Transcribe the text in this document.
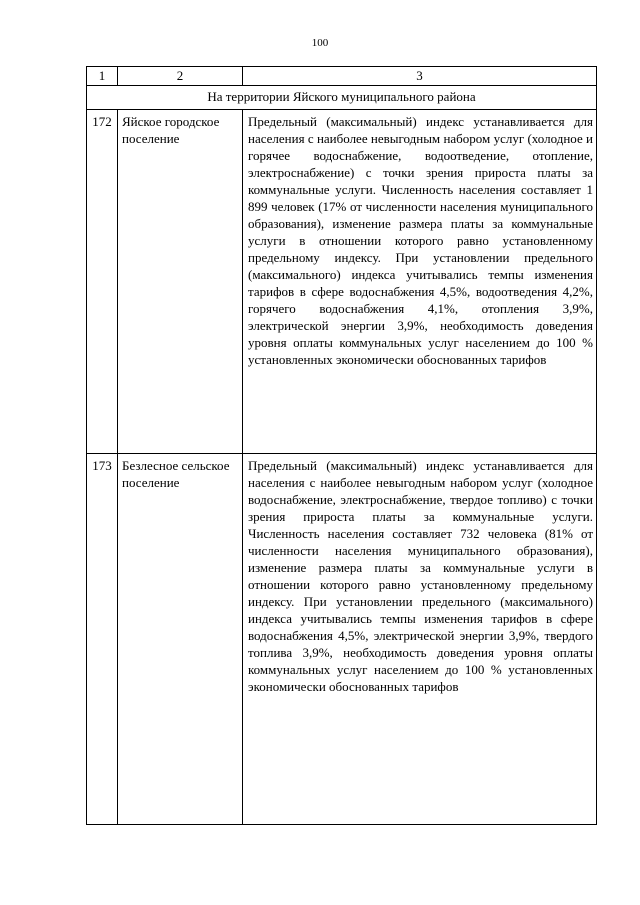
100
1	2	3
На территории Яйского муниципального района		
172	Яйское городское поселение	Предельный (максимальный) индекс устанавливается для населения с наиболее невыгодным набором услуг (холодное и горячее водоснабжение, водоотведение, отопление, электроснабжение) с точки зрения прироста платы за коммунальные услуги. Численность населения составляет 1 899 человек (17% от численности населения муниципального образования), изменение размера платы за коммунальные услуги в отношении которого равно установленному предельному индексу. При установлении предельного (максимального) индекса учитывались темпы изменения тарифов в сфере водоснабжения 4,5%, водоотведения 4,2%, горячего водоснабжения 4,1%, отопления 3,9%, электрической энергии 3,9%, необходимость доведения уровня оплаты коммунальных услуг населением до 100 % установленных экономически обоснованных тарифов

173	Безлесное сельское поселение	Предельный (максимальный) индекс устанавливается для населения с наиболее невыгодным набором услуг (холодное водоснабжение, электроснабжение, твердое топливо) с точки зрения прироста платы за коммунальные услуги. Численность населения составляет 732 человека (81% от численности населения муниципального образования), изменение размера платы за коммунальные услуги в отношении которого равно установленному предельному индексу. При установлении предельного (максимального) индекса учитывались темпы изменения тарифов в сфере водоснабжения 4,5%, электрической энергии 3,9%, твердого топлива 3,9%, необходимость доведения уровня оплаты коммунальных услуг населением до 100 % установленных экономически обоснованных тарифов
